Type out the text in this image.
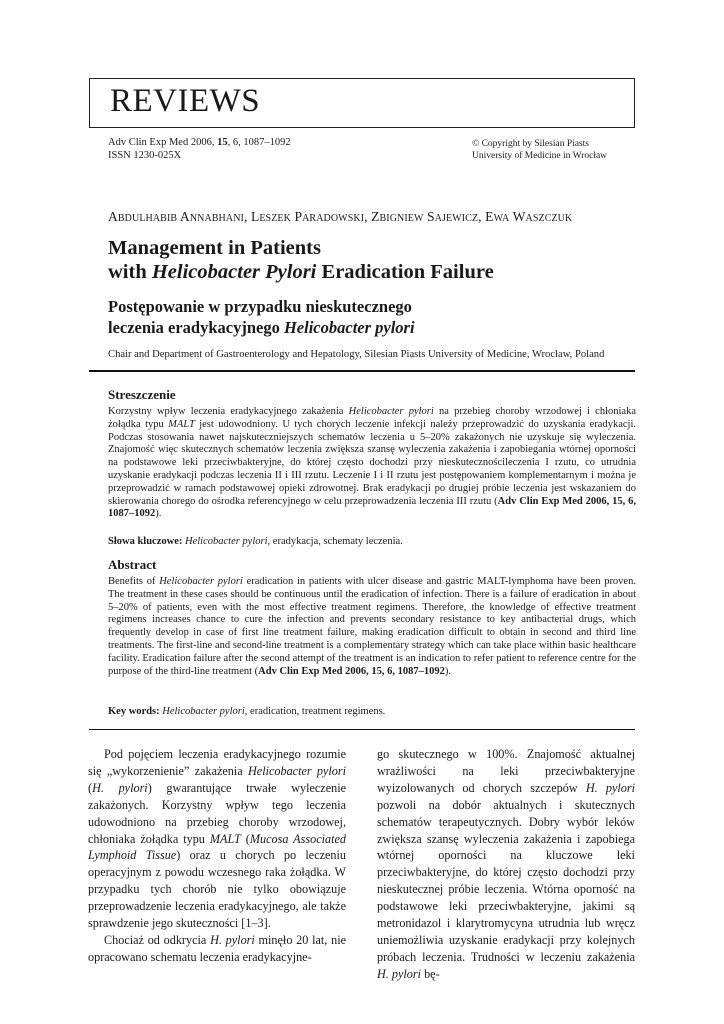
REVIEWS
Adv Clin Exp Med 2006, 15, 6, 1087–1092
ISSN 1230-025X
© Copyright by Silesian Piasts
University of Medicine in Wrocław
Abdulhabib Annabhani, Leszek Paradowski, Zbigniew Sajewicz, Ewa Waszczuk
Management in Patients
with Helicobacter Pylori Eradication Failure
Postępowanie w przypadku nieskutecznego
leczenia eradykacyjnego Helicobacter pylori
Chair and Department of Gastroenterology and Hepatology, Silesian Piasts University of Medicine, Wrocław, Poland
Streszczenie
Korzystny wpływ leczenia eradykacyjnego zakażenia Helicobacter pylori na przebieg choroby wrzodowej i chłoniaka żołądka typu MALT jest udowodniony. U tych chorych leczenie infekcji należy przeprowadzić do uzyskania eradykacji. Podczas stosowania nawet najskuteczniejszych schematów leczenia u 5–20% zakażonych nie uzyskuje się wyleczenia. Znajomość więc skutecznych schematów leczenia zwiększa szansę wyleczenia zakażenia i zapobiegania wtórnej oporności na podstawowe leki przeciwbakteryjne, do której często dochodzi przy nieskutecznościleczenia I rzutu, co utrudnia uzyskanie eradykacji podczas leczenia II i III rzutu. Leczenie I i II rzutu jest postępowaniem komplementarnym i można je przeprowadzić w ramach podstawowej opieki zdrowotnej. Brak eradykacji po drugiej próbie leczenia jest wskazaniem do skierowania chorego do ośrodka referencyjnego w celu przeprowadzenia leczenia III rzutu (Adv Clin Exp Med 2006, 15, 6, 1087–1092).
Słowa kluczowe: Helicobacter pylori, eradykacja, schematy leczenia.
Abstract
Benefits of Helicobacter pylori eradication in patients with ulcer disease and gastric MALT-lymphoma have been proven. The treatment in these cases should be continuous until the eradication of infection. There is a failure of eradication in about 5–20% of patients, even with the most effective treatment regimens. Therefore, the knowledge of effective treatment regimens increases chance to cure the infection and prevents secondary resistance to key antibacterial drugs, which frequently develop in case of first line treatment failure, making eradication difficult to obtain in second and third line treatments. The first-line and second-line treatment is a complementary strategy which can take place within basic healthcare facility. Eradication failure after the second attempt of the treatment is an indication to refer patient to reference centre for the purpose of the third-line treatment (Adv Clin Exp Med 2006, 15, 6, 1087–1092).
Key words: Helicobacter pylori, eradication, treatment regimens.

Pod pojęciem leczenia eradykacyjnego rozumie się „wykorzenienie” zakażenia Helicobacter pylori (H. pylori) gwarantujące trwałe wyleczenie zakażonych. Korzystny wpływ tego leczenia udowodniono na przebieg choroby wrzodowej, chłoniaka żołądka typu MALT (Mucosa Associated Lymphoid Tissue) oraz u chorych po leczeniu operacyjnym z powodu wczesnego raka żołądka. W przypadku tych chorób nie tylko obowiązuje przeprowadzenie leczenia eradykacyjnego, ale także sprawdzenie jego skuteczności [1–3].

Chociaż od odkrycia H. pylori minęło 20 lat, nie opracowano schematu leczenia eradykacyjne-

go skutecznego w 100%. Znajomość aktualnej wrażliwości na leki przeciwbakteryjne wyizolowanych od chorych szczepów H. pylori pozwoli na dobór aktualnych i skutecznych schematów terapeutycznych. Dobry wybór leków zwiększa szansę wyleczenia zakażenia i zapobiega wtórnej oporności na kluczowe leki przeciwbakteryjne, do której często dochodzi przy nieskutecznej próbie leczenia. Wtórna oporność na podstawowe leki przeciwbakteryjne, jakimi są metronidazol i klarytromycyna utrudnia lub wręcz uniemożliwia uzyskanie eradykacji przy kolejnych próbach leczenia. Trudności w leczeniu zakażenia H. pylori bę-
